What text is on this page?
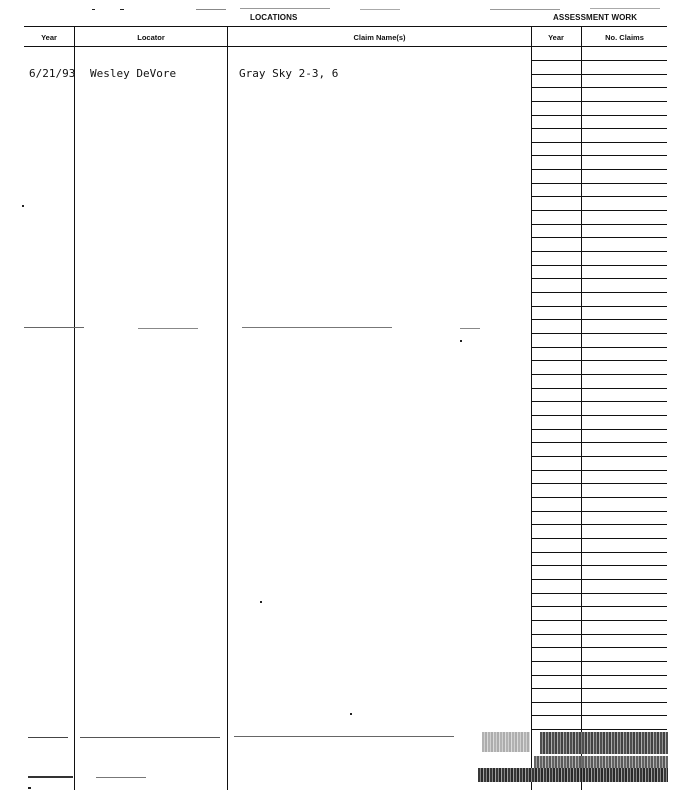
LOCATIONS	ASSESSMENT WORK
Year	Locator	Claim Name(s)	Year	No. Claims
6/21/93 Wesley DeVore	Gray Sky 2-3, 6
